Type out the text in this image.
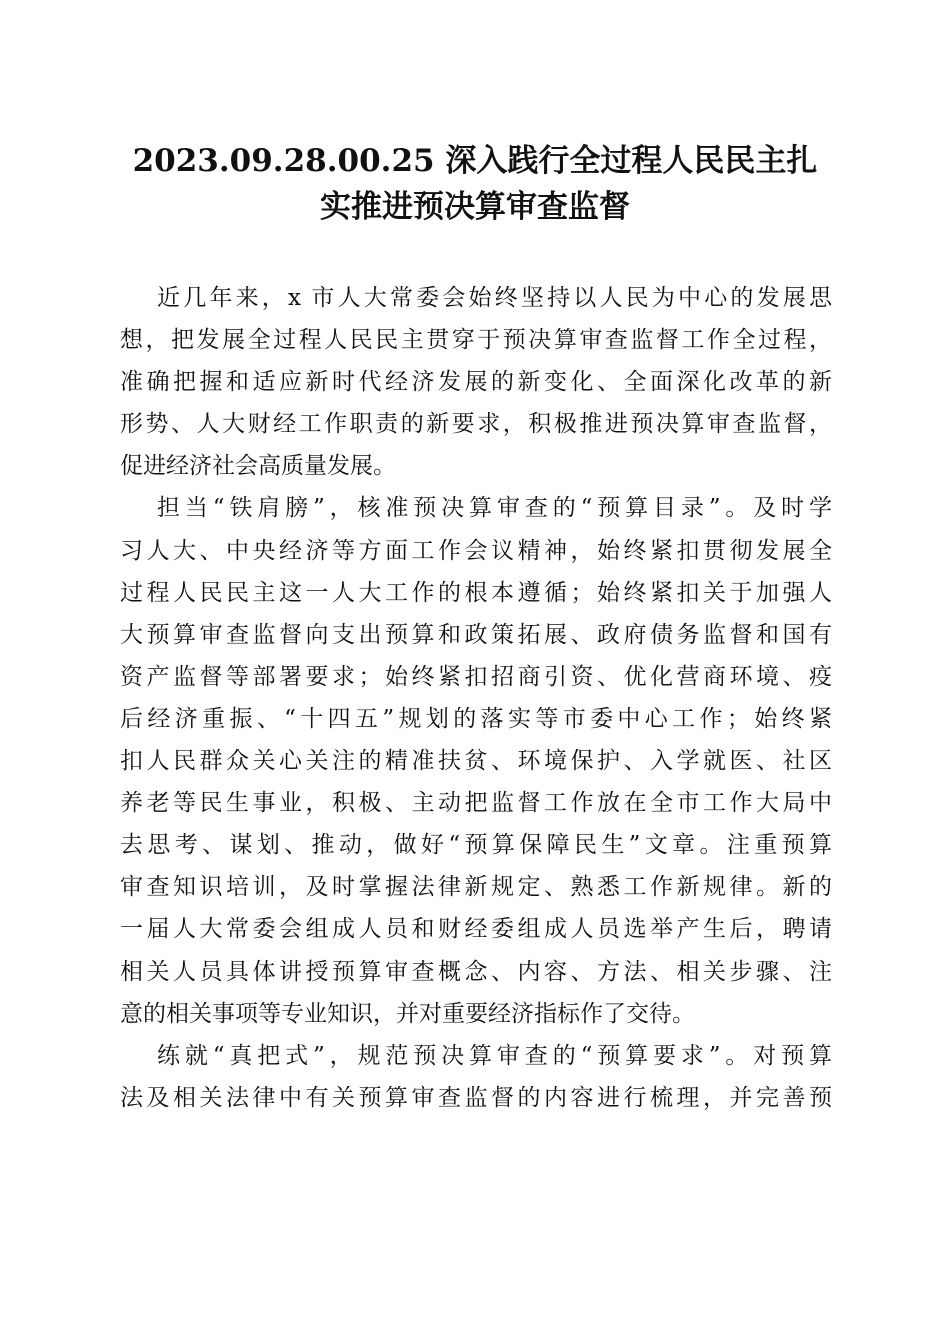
2023.09.28.00.25 深入践行全过程人民民主扎
实推进预决算审查监督
近几年来，x 市人大常委会始终坚持以人民为中心的发展思
想，把发展全过程人民民主贯穿于预决算审查监督工作全过程，
准确把握和适应新时代经济发展的新变化、全面深化改革的新
形势、人大财经工作职责的新要求，积极推进预决算审查监督，
促进经济社会高质量发展。
担当“铁肩膀”，核准预决算审查的“预算目录”。及时学
习人大、中央经济等方面工作会议精神，始终紧扣贯彻发展全
过程人民民主这一人大工作的根本遵循；始终紧扣关于加强人
大预算审查监督向支出预算和政策拓展、政府债务监督和国有
资产监督等部署要求；始终紧扣招商引资、优化营商环境、疫
后经济重振、“十四五”规划的落实等市委中心工作；始终紧
扣人民群众关心关注的精准扶贫、环境保护、入学就医、社区
养老等民生事业，积极、主动把监督工作放在全市工作大局中
去思考、谋划、推动，做好“预算保障民生”文章。注重预算
审查知识培训，及时掌握法律新规定、熟悉工作新规律。新的
一届人大常委会组成人员和财经委组成人员选举产生后，聘请
相关人员具体讲授预算审查概念、内容、方法、相关步骤、注
意的相关事项等专业知识，并对重要经济指标作了交待。
练就“真把式”，规范预决算审查的“预算要求”。对预算
法及相关法律中有关预算审查监督的内容进行梳理，并完善预
